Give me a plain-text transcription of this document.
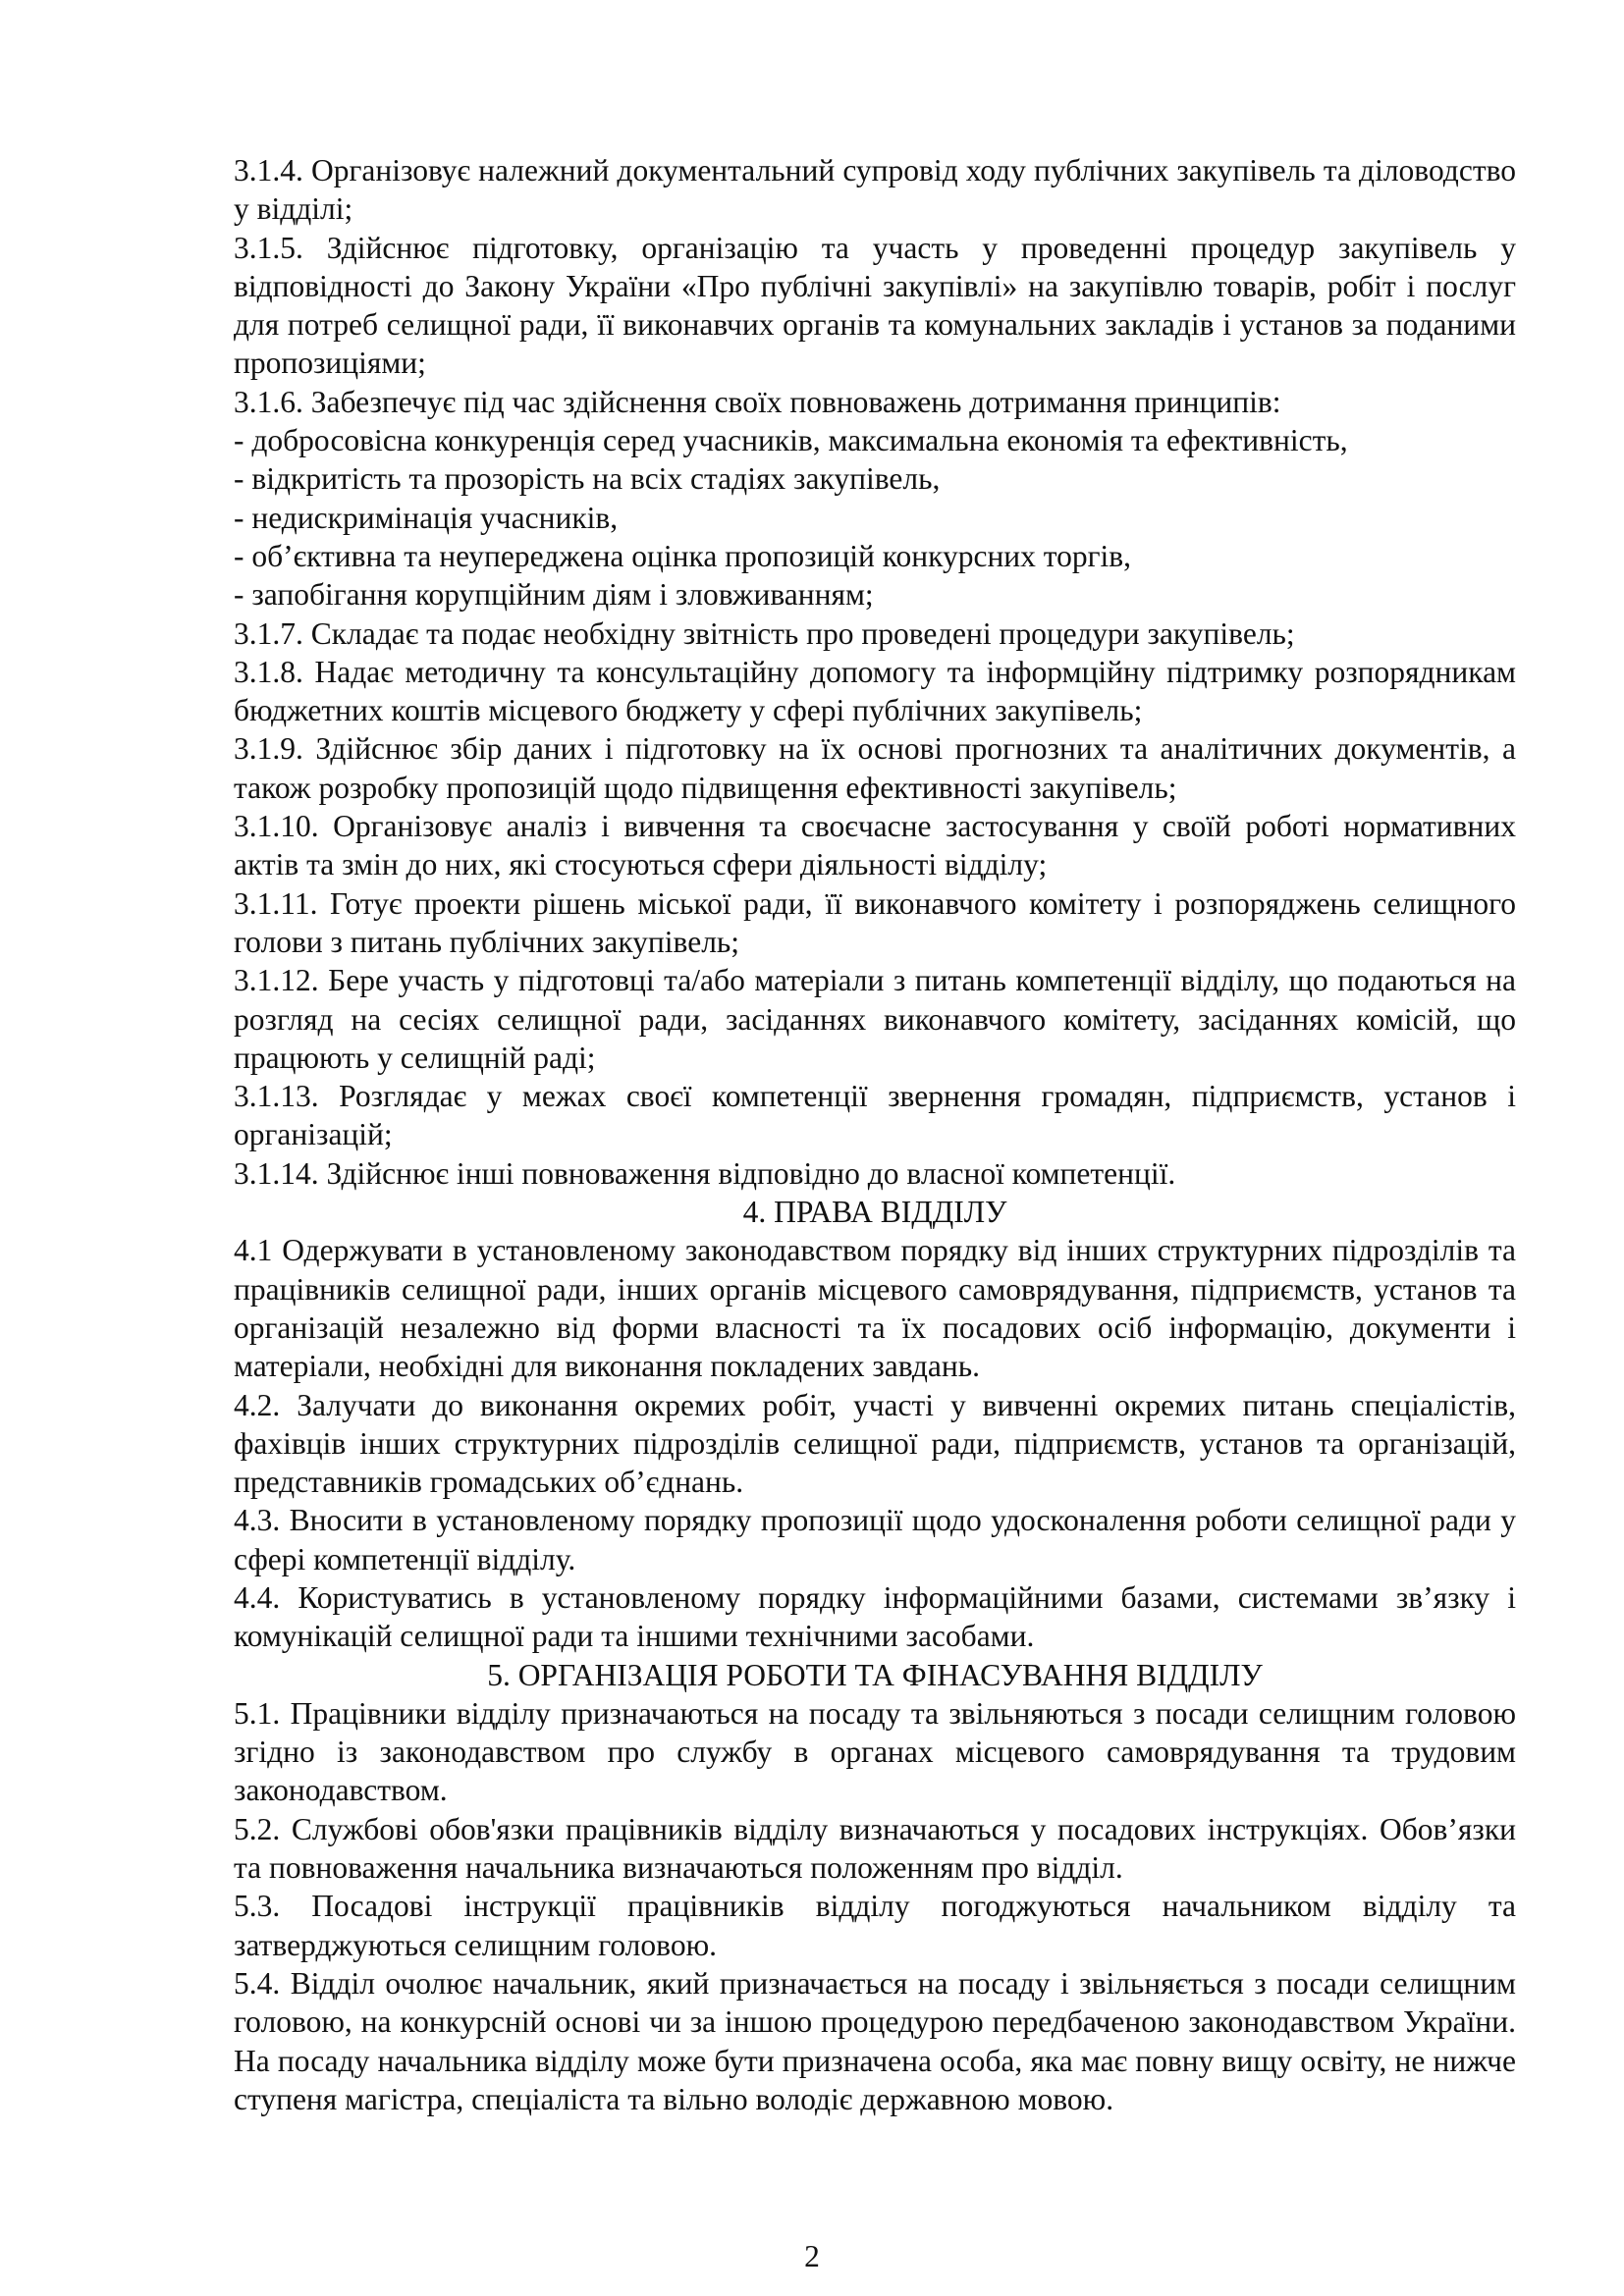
3.1.4. Організовує належний документальний супровід ходу публічних закупівель та діловодство у відділі;

3.1.5. Здійснює підготовку, організацію та участь у проведенні процедур закупівель у відповідності до Закону України «Про публічні закупівлі» на закупівлю товарів, робіт і послуг для потреб селищної ради, її виконавчих органів та комунальних закладів і установ за поданими пропозиціями;

3.1.6. Забезпечує під час здійснення своїх повноважень дотримання принципів:

- добросовісна конкуренція серед учасників, максимальна економія та ефективність,

- відкритість та прозорість на всіх стадіях закупівель,

- недискримінація учасників,

- об’єктивна та неупереджена оцінка пропозицій конкурсних торгів,

- запобігання корупційним діям і зловживанням;

3.1.7. Складає та подає необхідну звітність про проведені процедури закупівель;

3.1.8. Надає методичну та консультаційну допомогу та інформційну підтримку розпорядникам бюджетних коштів місцевого бюджету у сфері публічних закупівель;

3.1.9. Здійснює збір даних і підготовку на їх основі прогнозних та аналітичних документів, а також розробку пропозицій щодо підвищення ефективності закупівель;

3.1.10. Організовує аналіз і вивчення та своєчасне застосування у своїй роботі нормативних актів та змін до них, які стосуються сфери діяльності відділу;

3.1.11. Готує проекти рішень міської ради, її виконавчого комітету і розпоряджень селищного голови з питань публічних закупівель;

3.1.12. Бере участь у підготовці та/або матеріали з питань компетенції відділу, що подаються на розгляд на сесіях селищної ради, засіданнях виконавчого комітету, засіданнях комісій, що працюють у селищній раді;

3.1.13. Розглядає у межах своєї компетенції звернення громадян, підприємств, установ і організацій;

3.1.14. Здійснює інші повноваження відповідно до власної компетенції.

4. ПРАВА ВІДДІЛУ

4.1 Одержувати в установленому законодавством порядку від інших структурних підрозділів та працівників селищної ради, інших органів місцевого самоврядування, підприємств, установ та організацій незалежно від форми власності та їх посадових осіб інформацію, документи і матеріали, необхідні для виконання покладених завдань.

4.2. Залучати до виконання окремих робіт, участі у вивченні окремих питань спеціалістів, фахівців інших структурних підрозділів селищної ради, підприємств, установ та організацій, представників громадських об’єднань.

4.3. Вносити в установленому порядку пропозиції щодо удосконалення роботи селищної ради у сфері компетенції відділу.

4.4. Користуватись в установленому порядку інформаційними базами, системами зв’язку і комунікацій селищної ради та іншими технічними засобами.

5. ОРГАНІЗАЦІЯ РОБОТИ ТА ФІНАСУВАННЯ ВІДДІЛУ

5.1. Працівники відділу призначаються на посаду та звільняються з посади селищним головою згідно із законодавством про службу в органах місцевого самоврядування та трудовим законодавством.

5.2. Службові обов'язки працівників відділу визначаються у посадових інструкціях. Обов’язки та повноваження начальника визначаються положенням про відділ.

5.3. Посадові інструкції працівників відділу погоджуються начальником відділу та затверджуються селищним головою.

5.4. Відділ очолює начальник, який призначається на посаду і звільняється з посади селищним головою, на конкурсній основі чи за іншою процедурою передбаченою законодавством України. На посаду начальника відділу може бути призначена особа, яка має повну вищу освіту, не нижче ступеня магістра, спеціаліста та вільно володіє державною мовою.

2
